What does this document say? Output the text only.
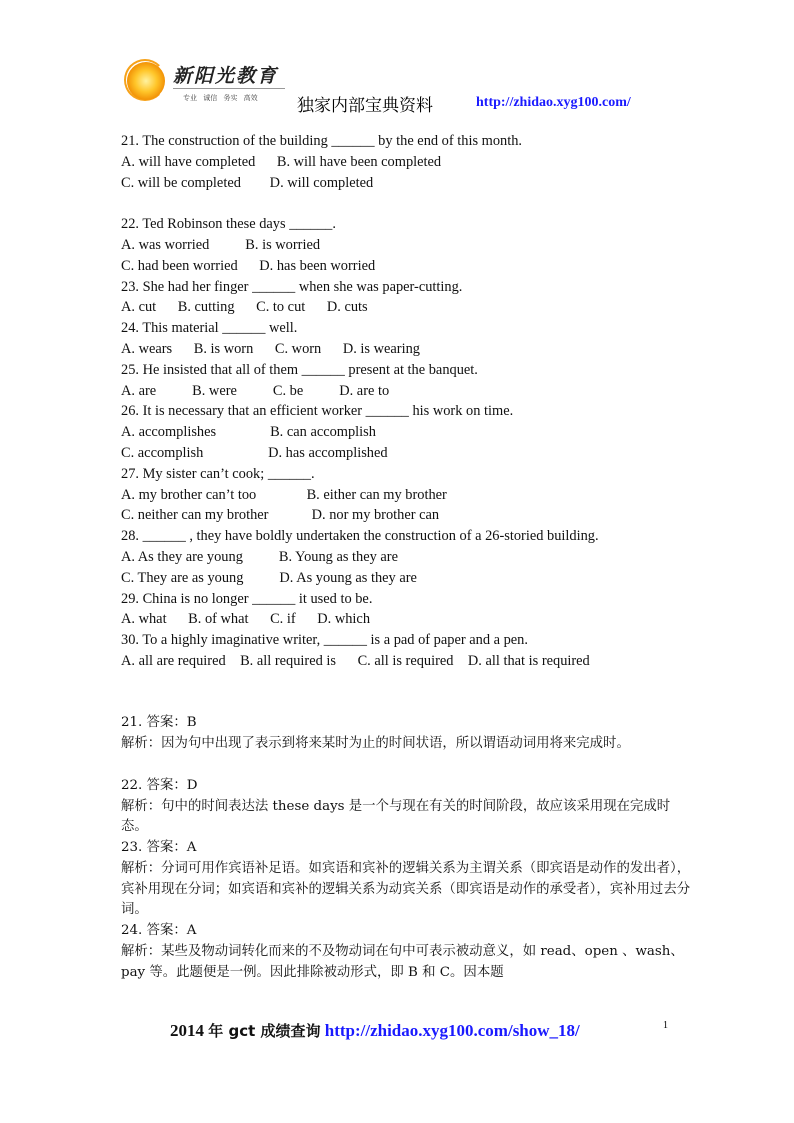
新阳光教育
专业 诚信 务实 高效 独家内部宝典资料	http://zhidao.xyg100.com/
21. The construction of the building ______ by the end of this month.
A. will have completed      B. will have been completed
C. will be completed        D. will completed
22. Ted Robinson these days ______.
A. was worried          B. is worried
C. had been worried      D. has been worried
23. She had her finger ______ when she was paper-cutting.
A. cut      B. cutting      C. to cut      D. cuts
24. This material ______ well.
A. wears      B. is worn      C. worn      D. is wearing
25. He insisted that all of them ______ present at the banquet.
A. are          B. were          C. be          D. are to
26. It is necessary that an efficient worker ______ his work on time.
A. accomplishes               B. can accomplish
C. accomplish                  D. has accomplished
27. My sister can’t cook; ______.
A. my brother can’t too              B. either can my brother
C. neither can my brother            D. nor my brother can
28. ______ , they have boldly undertaken the construction of a 26-storied building.
A. As they are young          B. Young as they are
C. They are as young          D. As young as they are
29. China is no longer ______ it used to be.
A. what      B. of what      C. if      D. which
30. To a highly imaginative writer, ______ is a pad of paper and a pen.
A. all are required    B. all required is      C. all is required    D. all that is required
21. 答案：B
解析：因为句中出现了表示到将来某时为止的时间状语，所以谓语动词用将来完成时。
22. 答案：D
解析：句中的时间表达法 these days 是一个与现在有关的时间阶段，故应该采用现在完成时态。
23. 答案：A
解析：分词可用作宾语补足语。如宾语和宾补的逻辑关系为主谓关系（即宾语是动作的发出者），宾补用现在分词；如宾语和宾补的逻辑关系为动宾关系（即宾语是动作的承受者），宾补用过去分词。
24. 答案：A
解析：某些及物动词转化而来的不及物动词在句中可表示被动意义，如 read、open 、wash、pay 等。此题便是一例。因此排除被动形式，即 B 和 C。因本题
2014 年 gct 成绩查询 http://zhidao.xyg100.com/show_18/	1
